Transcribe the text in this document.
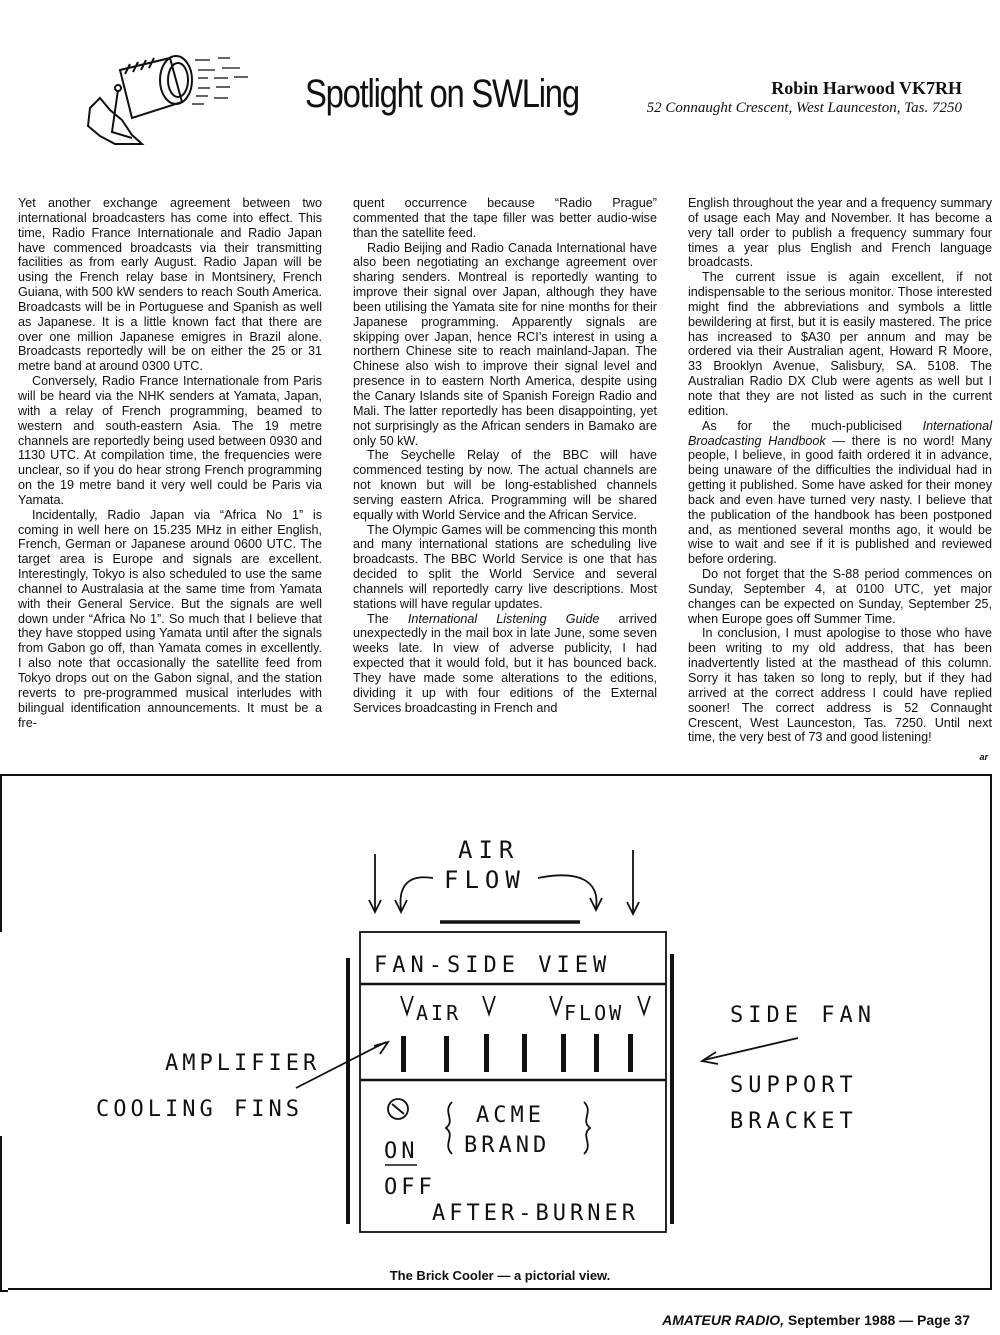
Spotlight on SWLing	Robin Harwood VK7RH
52 Connaught Crescent, West Launceston, Tas. 7250

Yet another exchange agreement between two international broadcasters has come into effect. This time, Radio France Internationale and Radio Japan have commenced broadcasts via their transmitting facilities as from early August. Radio Japan will be using the French relay base in Montsinery, French Guiana, with 500 kW senders to reach South America. Broadcasts will be in Portuguese and Spanish as well as Japanese. It is a little known fact that there are over one million Japanese emigres in Brazil alone. Broadcasts reportedly will be on either the 25 or 31 metre band at around 0300 UTC.

Conversely, Radio France Internationale from Paris will be heard via the NHK senders at Yamata, Japan, with a relay of French programming, beamed to western and south-eastern Asia. The 19 metre channels are reportedly being used between 0930 and 1130 UTC. At compilation time, the frequencies were unclear, so if you do hear strong French programming on the 19 metre band it very well could be Paris via Yamata.

Incidentally, Radio Japan via “Africa No 1” is coming in well here on 15.235 MHz in either English, French, German or Japanese around 0600 UTC. The target area is Europe and signals are excellent. Interestingly, Tokyo is also scheduled to use the same channel to Australasia at the same time from Yamata with their General Service. But the signals are well down under “Africa No 1”. So much that I believe that they have stopped using Yamata until after the signals from Gabon go off, than Yamata comes in excellently. I also note that occasionally the satellite feed from Tokyo drops out on the Gabon signal, and the station reverts to pre-programmed musical interludes with bilingual identification announcements. It must be a fre-

quent occurrence because “Radio Prague” commented that the tape filler was better audio-wise than the satellite feed.

Radio Beijing and Radio Canada International have also been negotiating an exchange agreement over sharing senders. Montreal is reportedly wanting to improve their signal over Japan, although they have been utilising the Yamata site for nine months for their Japanese programming. Apparently signals are skipping over Japan, hence RCI’s interest in using a northern Chinese site to reach mainland-Japan. The Chinese also wish to improve their signal level and presence in to eastern North America, despite using the Canary Islands site of Spanish Foreign Radio and Mali. The latter reportedly has been disappointing, yet not surprisingly as the African senders in Bamako are only 50 kW.

The Seychelle Relay of the BBC will have commenced testing by now. The actual channels are not known but will be long-established channels serving eastern Africa. Programming will be shared equally with World Service and the African Service.

The Olympic Games will be commencing this month and many international stations are scheduling live broadcasts. The BBC World Service is one that has decided to split the World Service and several channels will reportedly carry live descriptions. Most stations will have regular updates.

The International Listening Guide arrived unexpectedly in the mail box in late June, some seven weeks late. In view of adverse publicity, I had expected that it would fold, but it has bounced back. They have made some alterations to the editions, dividing it up with four editions of the External Services broadcasting in French and

English throughout the year and a frequency summary of usage each May and November. It has become a very tall order to publish a frequency summary four times a year plus English and French language broadcasts.

The current issue is again excellent, if not indispensable to the serious monitor. Those interested might find the abbreviations and symbols a little bewildering at first, but it is easily mastered. The price has increased to $A30 per annum and may be ordered via their Australian agent, Howard R Moore, 33 Brooklyn Avenue, Salisbury, SA. 5108. The Australian Radio DX Club were agents as well but I note that they are not listed as such in the current edition.

As for the much-publicised International Broadcasting Handbook — there is no word! Many people, I believe, in good faith ordered it in advance, being unaware of the difficulties the individual had in getting it published. Some have asked for their money back and even have turned very nasty. I believe that the publication of the handbook has been postponed and, as mentioned several months ago, it would be wise to wait and see if it is published and reviewed before ordering.

Do not forget that the S-88 period commences on Sunday, September 4, at 0100 UTC, yet major changes can be expected on Sunday, September 25, when Europe goes off Summer Time.

In conclusion, I must apologise to those who have been writing to my old address, that has been inadvertently listed at the masthead of this column. Sorry it has taken so long to reply, but if they had arrived at the correct address I could have replied sooner! The correct address is 52 Connaught Crescent, West Launceston, Tas. 7250. Until next time, the very best of 73 and good listening!

ar
AIR
FLOW
FAN-SIDE VIEW
AIR	FLOW
AMPLIFIER
COOLING FINS
SIDE FAN
SUPPORT
BRACKET
ACME
BRAND
ON
OFF
AFTER-BURNER
The Brick Cooler — a pictorial view.
AMATEUR RADIO, September 1988 — Page 37
